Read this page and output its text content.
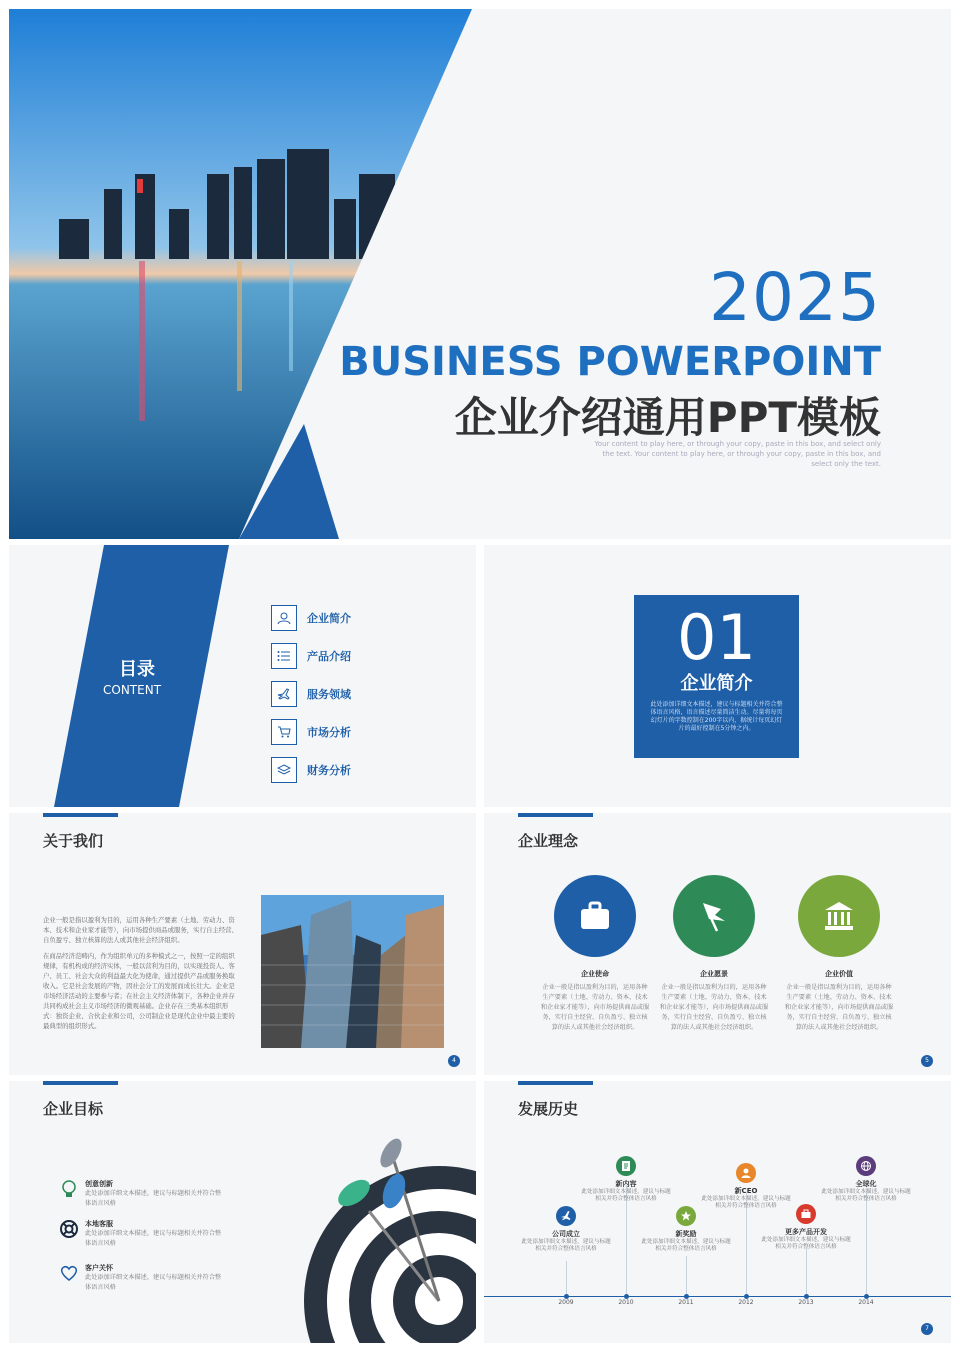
2025
BUSINESS POWERPOINT
企业介绍通用PPT模板
Your content to play here, or through your copy, paste in this box, and select only the text. Your content to play here, or through your copy, paste in this box, and select only the text.
目录
CONTENT
企业简介
产品介绍
服务领域
市场分析
财务分析
01
企业简介
此处添加详细文本描述，建议与标题相关并符合整体语言风格，语言描述尽量简洁生动。尽量将每页幻灯片的字数控制在200字以内，据统计每页幻灯片的最好控制在5分钟之内。
关于我们

企业一般是指以盈利为目的，运用各种生产要素（土地、劳动力、资本、技术和企业家才能等），向市场提供商品或服务，实行自主经营、自负盈亏、独立核算的法人或其他社会经济组织。

在商品经济范畴内，作为组织单元的多种模式之一，按照一定的组织规律，有机构成的经济实体，一般以营利为目的，以实现投资人、客户、员工、社会大众的利益最大化为使命，通过提供产品或服务换取收入。它是社会发展的产物，因社会分工的发展而成长壮大。企业是市场经济活动的主要参与者；在社会主义经济体制下，各种企业并存共同构成社会主义市场经济的微观基础。企业存在三类基本组织形式：独资企业、合伙企业和公司，公司制企业是现代企业中最主要的最典型的组织形式。

4
企业理念
企业使命
企业一般是指以盈利为目的，运用各种生产要素（土地、劳动力、资本、技术和企业家才能等），向市场提供商品或服务，实行自主经营、自负盈亏、独立核算的法人或其他社会经济组织。
企业愿景
企业一般是指以盈利为目的，运用各种生产要素（土地、劳动力、资本、技术和企业家才能等），向市场提供商品或服务，实行自主经营、自负盈亏、独立核算的法人或其他社会经济组织。
企业价值
企业一般是指以盈利为目的，运用各种生产要素（土地、劳动力、资本、技术和企业家才能等），向市场提供商品或服务，实行自主经营、自负盈亏、独立核算的法人或其他社会经济组织。
5
企业目标
创意创新
此处添加详细文本描述，建议与标题相关并符合整体语言风格
本地客服
此处添加详细文本描述，建议与标题相关并符合整体语言风格
客户关怀
此处添加详细文本描述，建议与标题相关并符合整体语言风格
发展历史
2009	2010	2011	2012	2013	2014
公司成立
此处添加详细文本描述，建议与标题相关并符合整体语言风格
新内容
此处添加详细文本描述，建议与标题相关并符合整体语言风格
新奖励
此处添加详细文本描述，建议与标题相关并符合整体语言风格
新CEO
此处添加详细文本描述，建议与标题相关并符合整体语言风格
更多产品开发
此处添加详细文本描述，建议与标题相关并符合整体语言风格
全球化
此处添加详细文本描述，建议与标题相关并符合整体语言风格
7
